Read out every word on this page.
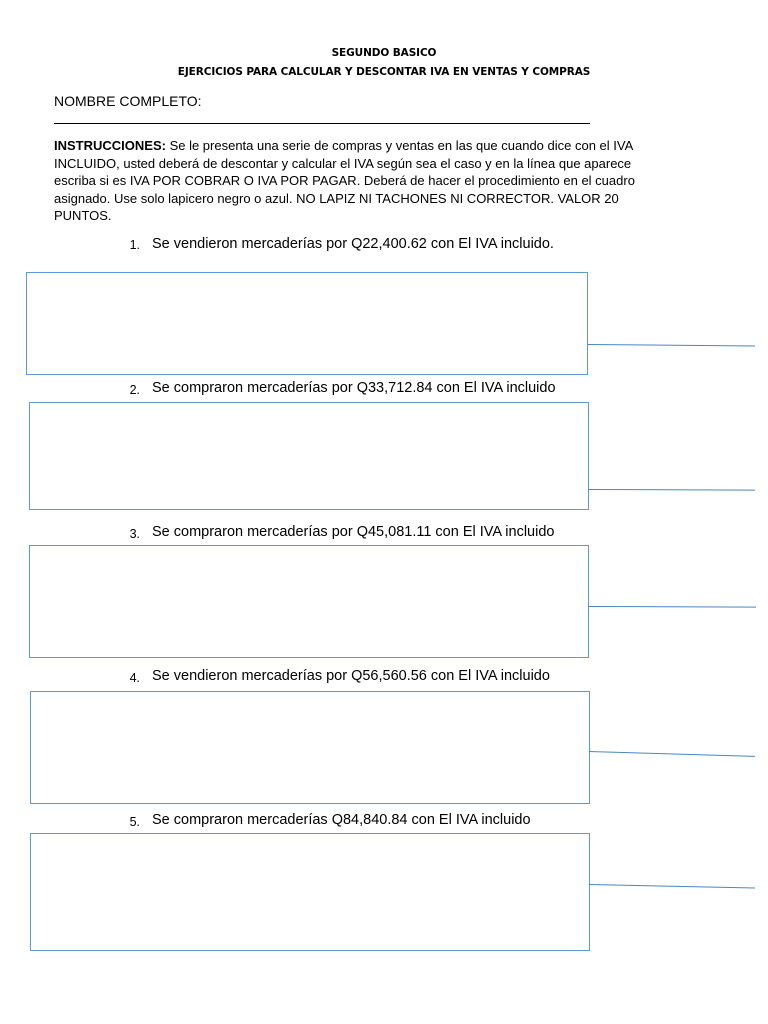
SEGUNDO BASICO
EJERCICIOS PARA CALCULAR Y DESCONTAR IVA EN VENTAS Y COMPRAS
NOMBRE COMPLETO:
INSTRUCCIONES: Se le presenta una serie de compras y ventas en las que cuando dice con el IVA INCLUIDO, usted deberá de descontar y calcular el IVA según sea el caso y en la línea que aparece escriba si es IVA POR COBRAR O IVA POR PAGAR. Deberá de hacer el procedimiento en el cuadro asignado. Use solo lapicero negro o azul. NO LAPIZ NI TACHONES NI CORRECTOR. VALOR 20 PUNTOS.
1. Se vendieron mercaderías por Q22,400.62 con El IVA incluido.
2. Se compraron mercaderías por Q33,712.84 con El IVA incluido
3. Se compraron mercaderías por Q45,081.11 con El IVA incluido
4. Se vendieron mercaderías por Q56,560.56 con El IVA incluido
5. Se compraron mercaderías Q84,840.84 con El IVA incluido
